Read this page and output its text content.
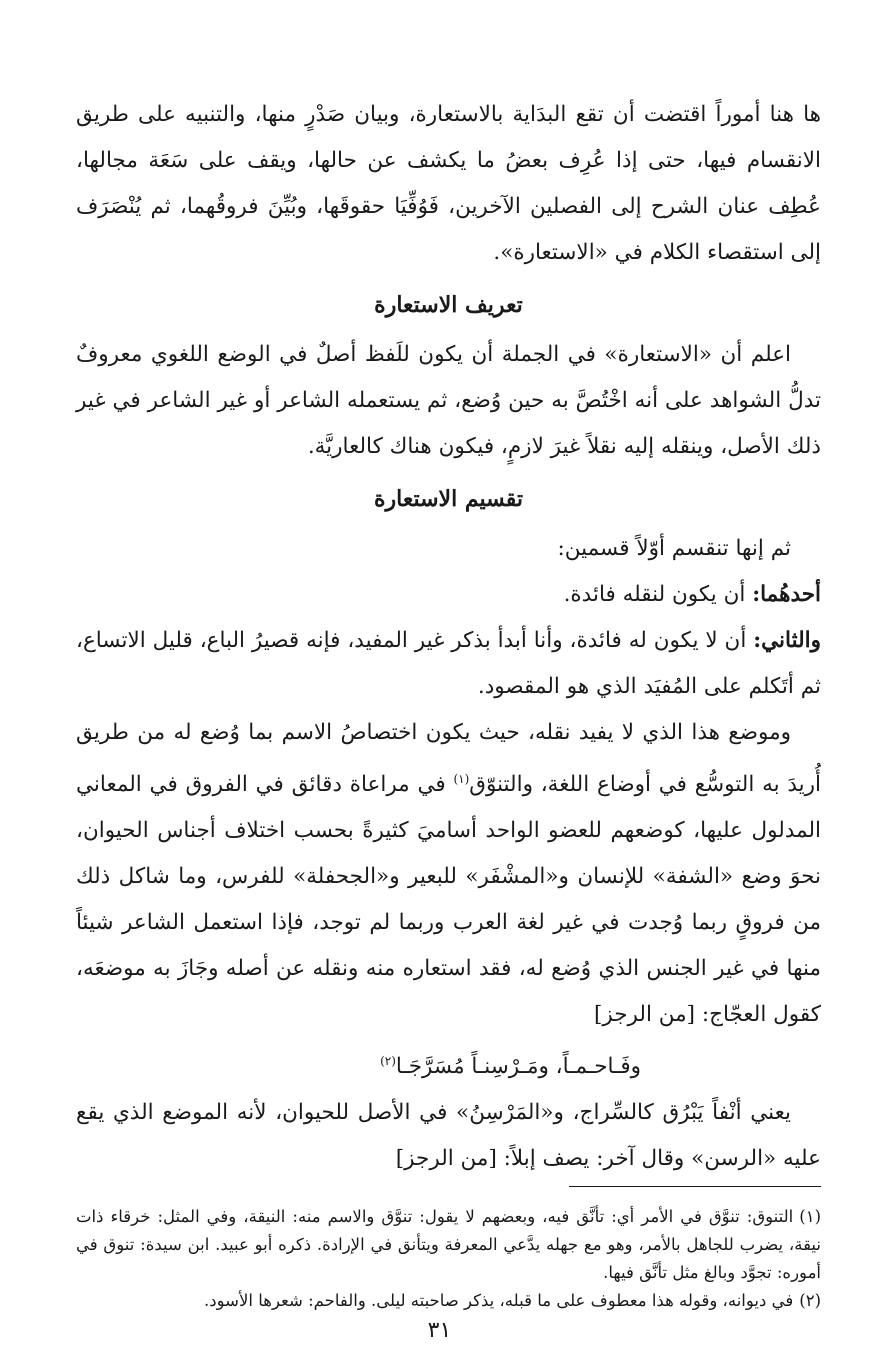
ها هنا أموراً اقتضت أن تقع البدَاية بالاستعارة، وبيان صَدْرٍ منها، والتنبيه على طريق الانقسام فيها، حتى إذا عُرِف بعضُ ما يكشف عن حالها، ويقف على سَعَة مجالها، عُطِف عنان الشرح إلى الفصلين الآخرين، فَوُفِّيَا حقوقَها، وبُيِّنَ فروقُهما، ثم يُنْصَرَف إلى استقصاء الكلام في «الاستعارة».

تعريف الاستعارة

اعلم أن «الاستعارة» في الجملة أن يكون للَفظ أصلٌ في الوضع اللغوي معروفٌ تدلُّ الشواهد على أنه اخْتُصَّ به حين وُضع، ثم يستعمله الشاعر أو غير الشاعر في غير ذلك الأصل، وينقله إليه نقلاً غيرَ لازمٍ، فيكون هناك كالعاريَّة.

تقسيم الاستعارة

ثم إنها تنقسم أوّلاً قسمين:

أحدهُما: أن يكون لنقله فائدة.

والثاني: أن لا يكون له فائدة، وأنا أبدأ بذكر غير المفيد، فإنه قصيرُ الباع، قليل الاتساع، ثم أتَكلم على المُفيَد الذي هو المقصود.

وموضع هذا الذي لا يفيد نقله، حيث يكون اختصاصُ الاسم بما وُضع له من طريق أُريدَ به التوسُّع في أوضاع اللغة، والتنوّق$^{(١)}$ في مراعاة دقائق في الفروق في المعاني المدلول عليها، كوضعهم للعضو الواحد أساميَ كثيرةً بحسب اختلاف أجناس الحيوان، نحوَ وضع «الشفة» للإنسان و«المشْفَر» للبعير و«الجحفلة» للفرس، وما شاكل ذلك من فروقٍ ربما وُجدت في غير لغة العرب وربما لم توجد، فإذا استعمل الشاعر شيئاً منها في غير الجنس الذي وُضع له، فقد استعاره منه ونقله عن أصله وجَازَ به موضعَه، كقول العجّاج: [من الرجز]

وفَـاحـمـاً، ومَـرْسِنـاً مُسَرَّجَـا$^{(٢)}$

يعني أنْفاً يَبْرُق كالسِّراج، و«المَرْسِنُ» في الأصل للحيوان، لأنه الموضع الذي يقع عليه «الرسن» وقال آخر: يصف إبلاً: [من الرجز]

(١)التنوق: تنوَّق في الأمر أي: تأنَّق فيه، وبعضهم لا يقول: تنوَّق والاسم منه: النيقة، وفي المثل: خرقاء ذات نيقة، يضرب للجاهل بالأمر، وهو مع جهله يدَّعي المعرفة ويتأنق في الإرادة. ذكره أبو عبيد. ابن سيدة: تنوق في أموره: تجوَّد وبالغ مثل تأنَّق فيها.

(٢)في ديوانه، وقوله هذا معطوف على ما قبله، يذكر صاحبته ليلى. والفاحم: شعرها الأسود.

٣١
